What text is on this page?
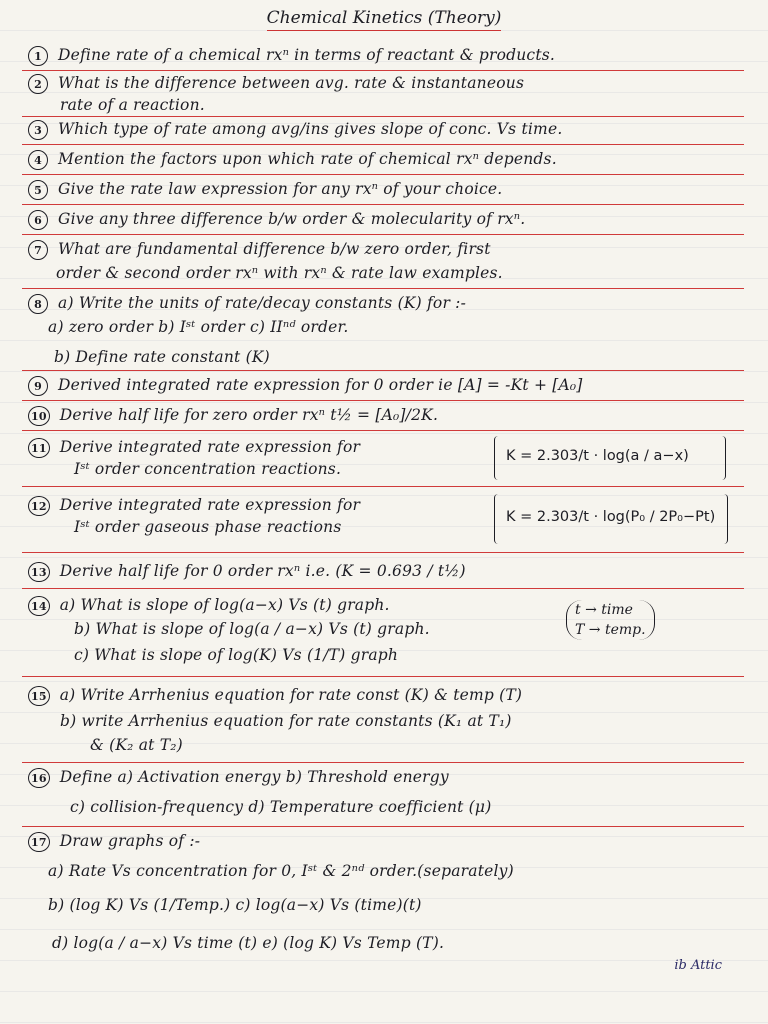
Chemical Kinetics (Theory)
1 Define rate of a chemical rxⁿ in terms of reactant & products.
2 What is the difference between avg. rate & instantaneous
rate of a reaction.
3 Which type of rate among avg/ins gives slope of conc. Vs time.
4 Mention the factors upon which rate of chemical rxⁿ depends.
5 Give the rate law expression for any rxⁿ of your choice.
6 Give any three difference b/w order & molecularity of rxⁿ.
7 What are fundamental difference b/w zero order, first
order & second order rxⁿ with rxⁿ & rate law examples.
8 a) Write the units of rate/decay constants (K) for :-
a) zero order b) Iˢᵗ order c) IIⁿᵈ order.
b) Define rate constant (K)
9 Derived integrated rate expression for 0 order ie [A] = -Kt + [A₀]
10 Derive half life for zero order rxⁿ t½ = [A₀]/2K.
11 Derive integrated rate expression for
Iˢᵗ order concentration reactions.
K = 2.303/t · log(a / a−x)
12 Derive integrated rate expression for
Iˢᵗ order gaseous phase reactions
K = 2.303/t · log(P₀ / 2P₀−Pt)
13 Derive half life for 0 order rxⁿ i.e. (K = 0.693 / t½)
14 a) What is slope of log(a−x) Vs (t) graph.
b) What is slope of log(a / a−x) Vs (t) graph.
c) What is slope of log(K) Vs (1/T) graph
t → time
T → temp.
15 a) Write Arrhenius equation for rate const (K) & temp (T)
b) write Arrhenius equation for rate constants (K₁ at T₁)
& (K₂ at T₂)
16 Define a) Activation energy b) Threshold energy
c) collision-frequency d) Temperature coefficient (μ)
17 Draw graphs of :-
a) Rate Vs concentration for 0, Iˢᵗ & 2ⁿᵈ order.(separately)
b) (log K) Vs (1/Temp.) c) log(a−x) Vs (time)(t)
d) log(a / a−x) Vs time (t) e) (log K) Vs Temp (T).
ib Attic
